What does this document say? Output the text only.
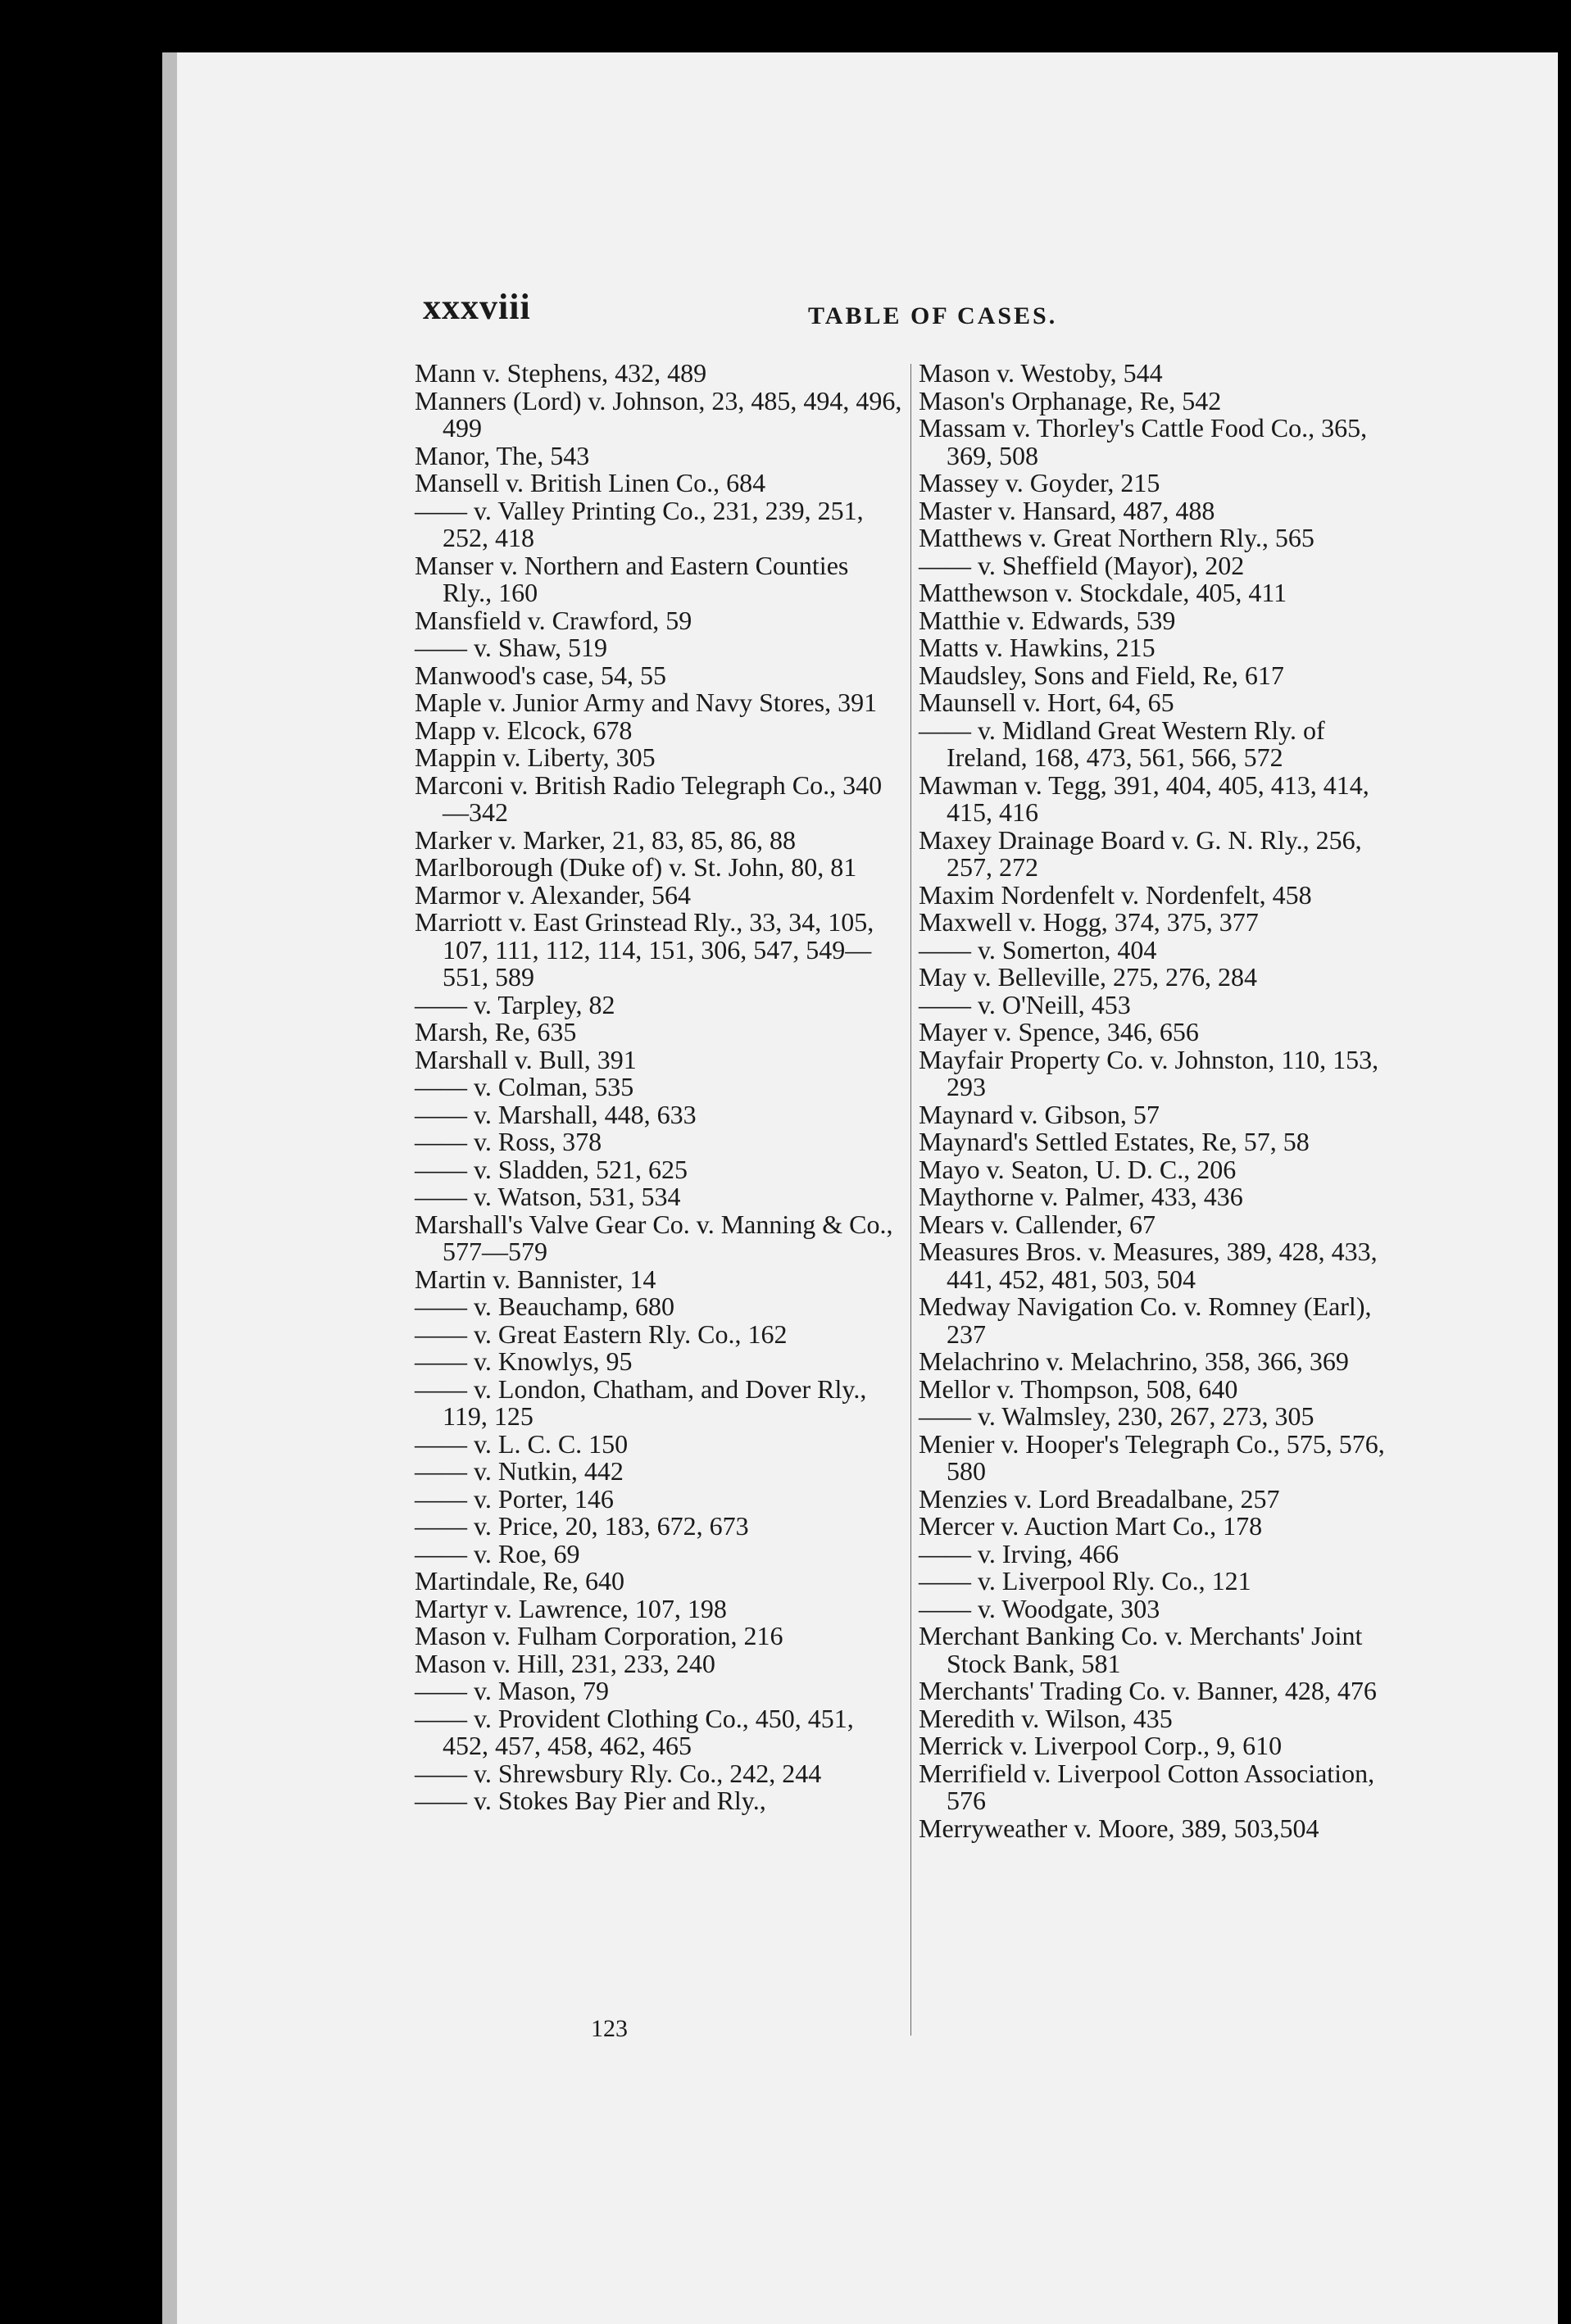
xxxviii	TABLE OF CASES.
Mann v. Stephens, 432, 489
Manners (Lord) v. Johnson, 23, 485, 494, 496, 499
Manor, The, 543
Mansell v. British Linen Co., 684
—— v. Valley Printing Co., 231, 239, 251, 252, 418
Manser v. Northern and Eastern Counties Rly., 160
Mansfield v. Crawford, 59
—— v. Shaw, 519
Manwood's case, 54, 55
Maple v. Junior Army and Navy Stores, 391
Mapp v. Elcock, 678
Mappin v. Liberty, 305
Marconi v. British Radio Telegraph Co., 340—342
Marker v. Marker, 21, 83, 85, 86, 88
Marlborough (Duke of) v. St. John, 80, 81
Marmor v. Alexander, 564
Marriott v. East Grinstead Rly., 33, 34, 105, 107, 111, 112, 114, 151, 306, 547, 549—551, 589
—— v. Tarpley, 82
Marsh, Re, 635
Marshall v. Bull, 391
—— v. Colman, 535
—— v. Marshall, 448, 633
—— v. Ross, 378
—— v. Sladden, 521, 625
—— v. Watson, 531, 534
Marshall's Valve Gear Co. v. Manning & Co., 577—579
Martin v. Bannister, 14
—— v. Beauchamp, 680
—— v. Great Eastern Rly. Co., 162
—— v. Knowlys, 95
—— v. London, Chatham, and Dover Rly., 119, 125
—— v. L. C. C. 150
—— v. Nutkin, 442
—— v. Porter, 146
—— v. Price, 20, 183, 672, 673
—— v. Roe, 69
Martindale, Re, 640
Martyr v. Lawrence, 107, 198
Mason v. Fulham Corporation, 216
Mason v. Hill, 231, 233, 240
—— v. Mason, 79
—— v. Provident Clothing Co., 450, 451, 452, 457, 458, 462, 465
—— v. Shrewsbury Rly. Co., 242, 244
—— v. Stokes Bay Pier and Rly.,
Mason v. Westoby, 544
Mason's Orphanage, Re, 542
Massam v. Thorley's Cattle Food Co., 365, 369, 508
Massey v. Goyder, 215
Master v. Hansard, 487, 488
Matthews v. Great Northern Rly., 565
—— v. Sheffield (Mayor), 202
Matthewson v. Stockdale, 405, 411
Matthie v. Edwards, 539
Matts v. Hawkins, 215
Maudsley, Sons and Field, Re, 617
Maunsell v. Hort, 64, 65
—— v. Midland Great Western Rly. of Ireland, 168, 473, 561, 566, 572
Mawman v. Tegg, 391, 404, 405, 413, 414, 415, 416
Maxey Drainage Board v. G. N. Rly., 256, 257, 272
Maxim Nordenfelt v. Nordenfelt, 458
Maxwell v. Hogg, 374, 375, 377
—— v. Somerton, 404
May v. Belleville, 275, 276, 284
—— v. O'Neill, 453
Mayer v. Spence, 346, 656
Mayfair Property Co. v. Johnston, 110, 153, 293
Maynard v. Gibson, 57
Maynard's Settled Estates, Re, 57, 58
Mayo v. Seaton, U. D. C., 206
Maythorne v. Palmer, 433, 436
Mears v. Callender, 67
Measures Bros. v. Measures, 389, 428, 433, 441, 452, 481, 503, 504
Medway Navigation Co. v. Romney (Earl), 237
Melachrino v. Melachrino, 358, 366, 369
Mellor v. Thompson, 508, 640
—— v. Walmsley, 230, 267, 273, 305
Menier v. Hooper's Telegraph Co., 575, 576, 580
Menzies v. Lord Breadalbane, 257
Mercer v. Auction Mart Co., 178
—— v. Irving, 466
—— v. Liverpool Rly. Co., 121
—— v. Woodgate, 303
Merchant Banking Co. v. Merchants' Joint Stock Bank, 581
Merchants' Trading Co. v. Banner, 428, 476
Meredith v. Wilson, 435
Merrick v. Liverpool Corp., 9, 610
Merrifield v. Liverpool Cotton Association, 576
Merryweather v. Moore, 389, 503,504
123
